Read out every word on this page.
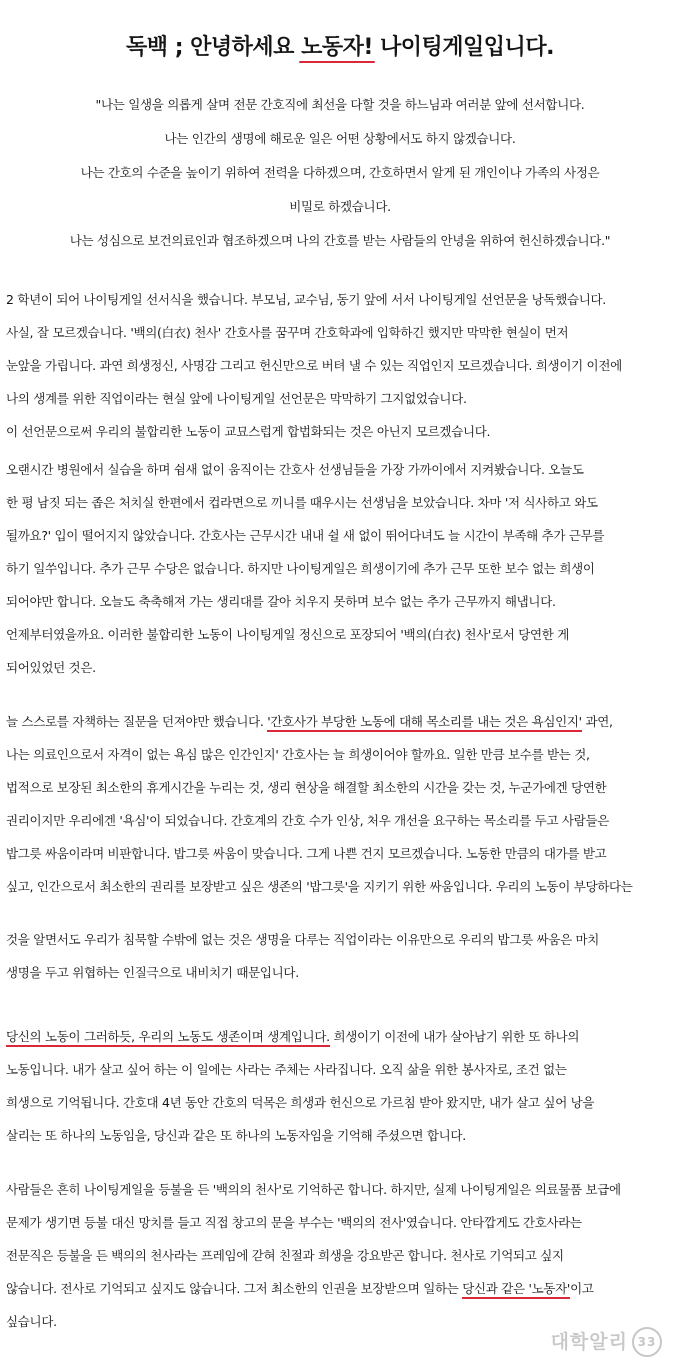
독백 ; 안녕하세요 노동자! 나이팅게일입니다.
"나는 일생을 의롭게 살며 전문 간호직에 최선을 다할 것을 하느님과 여러분 앞에 선서합니다.
나는 인간의 생명에 해로운 일은 어떤 상황에서도 하지 않겠습니다.
나는 간호의 수준을 높이기 위하여 전력을 다하겠으며, 간호하면서 알게 된 개인이나 가족의 사정은
비밀로 하겠습니다.
나는 성심으로 보건의료인과 협조하겠으며 나의 간호를 받는 사람들의 안녕을 위하여 헌신하겠습니다."
2 학년이 되어 나이팅게일 선서식을 했습니다. 부모님, 교수님, 동기 앞에 서서 나이팅게일 선언문을 낭독했습니다.
사실, 잘 모르겠습니다. '백의(白衣) 천사' 간호사를 꿈꾸며 간호학과에 입학하긴 했지만 막막한 현실이 먼저
눈앞을 가립니다. 과연 희생정신, 사명감 그리고 헌신만으로 버텨 낼 수 있는 직업인지 모르겠습니다. 희생이기 이전에
나의 생계를 위한 직업이라는 현실 앞에 나이팅게일 선언문은 막막하기 그지없었습니다.
이 선언문으로써 우리의 불합리한 노동이 교묘스럽게 합법화되는 것은 아닌지 모르겠습니다.
오랜시간 병원에서 실습을 하며 쉼새 없이 움직이는 간호사 선생님들을 가장 가까이에서 지켜봤습니다. 오늘도
한 평 남짓 되는 좁은 처치실 한편에서 컵라면으로 끼니를 때우시는 선생님을 보았습니다. 차마 '저 식사하고 와도
될까요?' 입이 떨어지지 않았습니다. 간호사는 근무시간 내내 쉴 새 없이 뛰어다녀도 늘 시간이 부족해 추가 근무를
하기 일쑤입니다. 추가 근무 수당은 없습니다. 하지만 나이팅게일은 희생이기에 추가 근무 또한 보수 없는 희생이
되어야만 합니다. 오늘도 축축해져 가는 생리대를 갈아 치우지 못하며 보수 없는 추가 근무까지 해냅니다.
언제부터였을까요. 이러한 불합리한 노동이 나이팅게일 정신으로 포장되어 '백의(白衣) 천사'로서 당연한 게
되어있었던 것은.
늘 스스로를 자책하는 질문을 던져야만 했습니다. '간호사가 부당한 노동에 대해 목소리를 내는 것은 욕심인지' 과연,
나는 의료인으로서 자격이 없는 욕심 많은 인간인지' 간호사는 늘 희생이어야 할까요. 일한 만큼 보수를 받는 것,
법적으로 보장된 최소한의 휴게시간을 누리는 것, 생리 현상을 해결할 최소한의 시간을 갖는 것, 누군가에겐 당연한
권리이지만 우리에겐 '욕심'이 되었습니다. 간호계의 간호 수가 인상, 처우 개선을 요구하는 목소리를 두고 사람들은
밥그릇 싸움이라며 비판합니다. 밥그릇 싸움이 맞습니다. 그게 나쁜 건지 모르겠습니다. 노동한 만큼의 대가를 받고
싶고, 인간으로서 최소한의 권리를 보장받고 싶은 생존의 '밥그릇'을 지키기 위한 싸움입니다. 우리의 노동이 부당하다는
것을 알면서도 우리가 침묵할 수밖에 없는 것은 생명을 다루는 직업이라는 이유만으로 우리의 밥그릇 싸움은 마치
생명을 두고 위협하는 인질극으로 내비치기 때문입니다.
당신의 노동이 그러하듯, 우리의 노동도 생존이며 생계입니다. 희생이기 이전에 내가 살아남기 위한 또 하나의
노동입니다. 내가 살고 싶어 하는 이 일에는 사라는 주체는 사라집니다. 오직 삶을 위한 봉사자로, 조건 없는
희생으로 기억됩니다. 간호대 4년 동안 간호의 덕목은 희생과 헌신으로 가르침 받아 왔지만, 내가 살고 싶어 낭을
살리는 또 하나의 노동임을, 당신과 같은 또 하나의 노동자임을 기억해 주셨으면 합니다.
사람들은 흔히 나이팅게일을 등불을 든 '백의의 천사'로 기억하곤 합니다. 하지만, 실제 나이팅게일은 의료물품 보급에
문제가 생기면 등불 대신 망치를 들고 직접 창고의 문을 부수는 '백의의 전사'였습니다. 안타깝게도 간호사라는
전문직은 등불을 든 백의의 천사라는 프레임에 갇혀 친절과 희생을 강요받곤 합니다. 천사로 기억되고 싶지
않습니다. 전사로 기억되고 싶지도 않습니다. 그저 최소한의 인권을 보장받으며 일하는 당신과 같은 '노동자'이고
싶습니다.
대학알리 33
